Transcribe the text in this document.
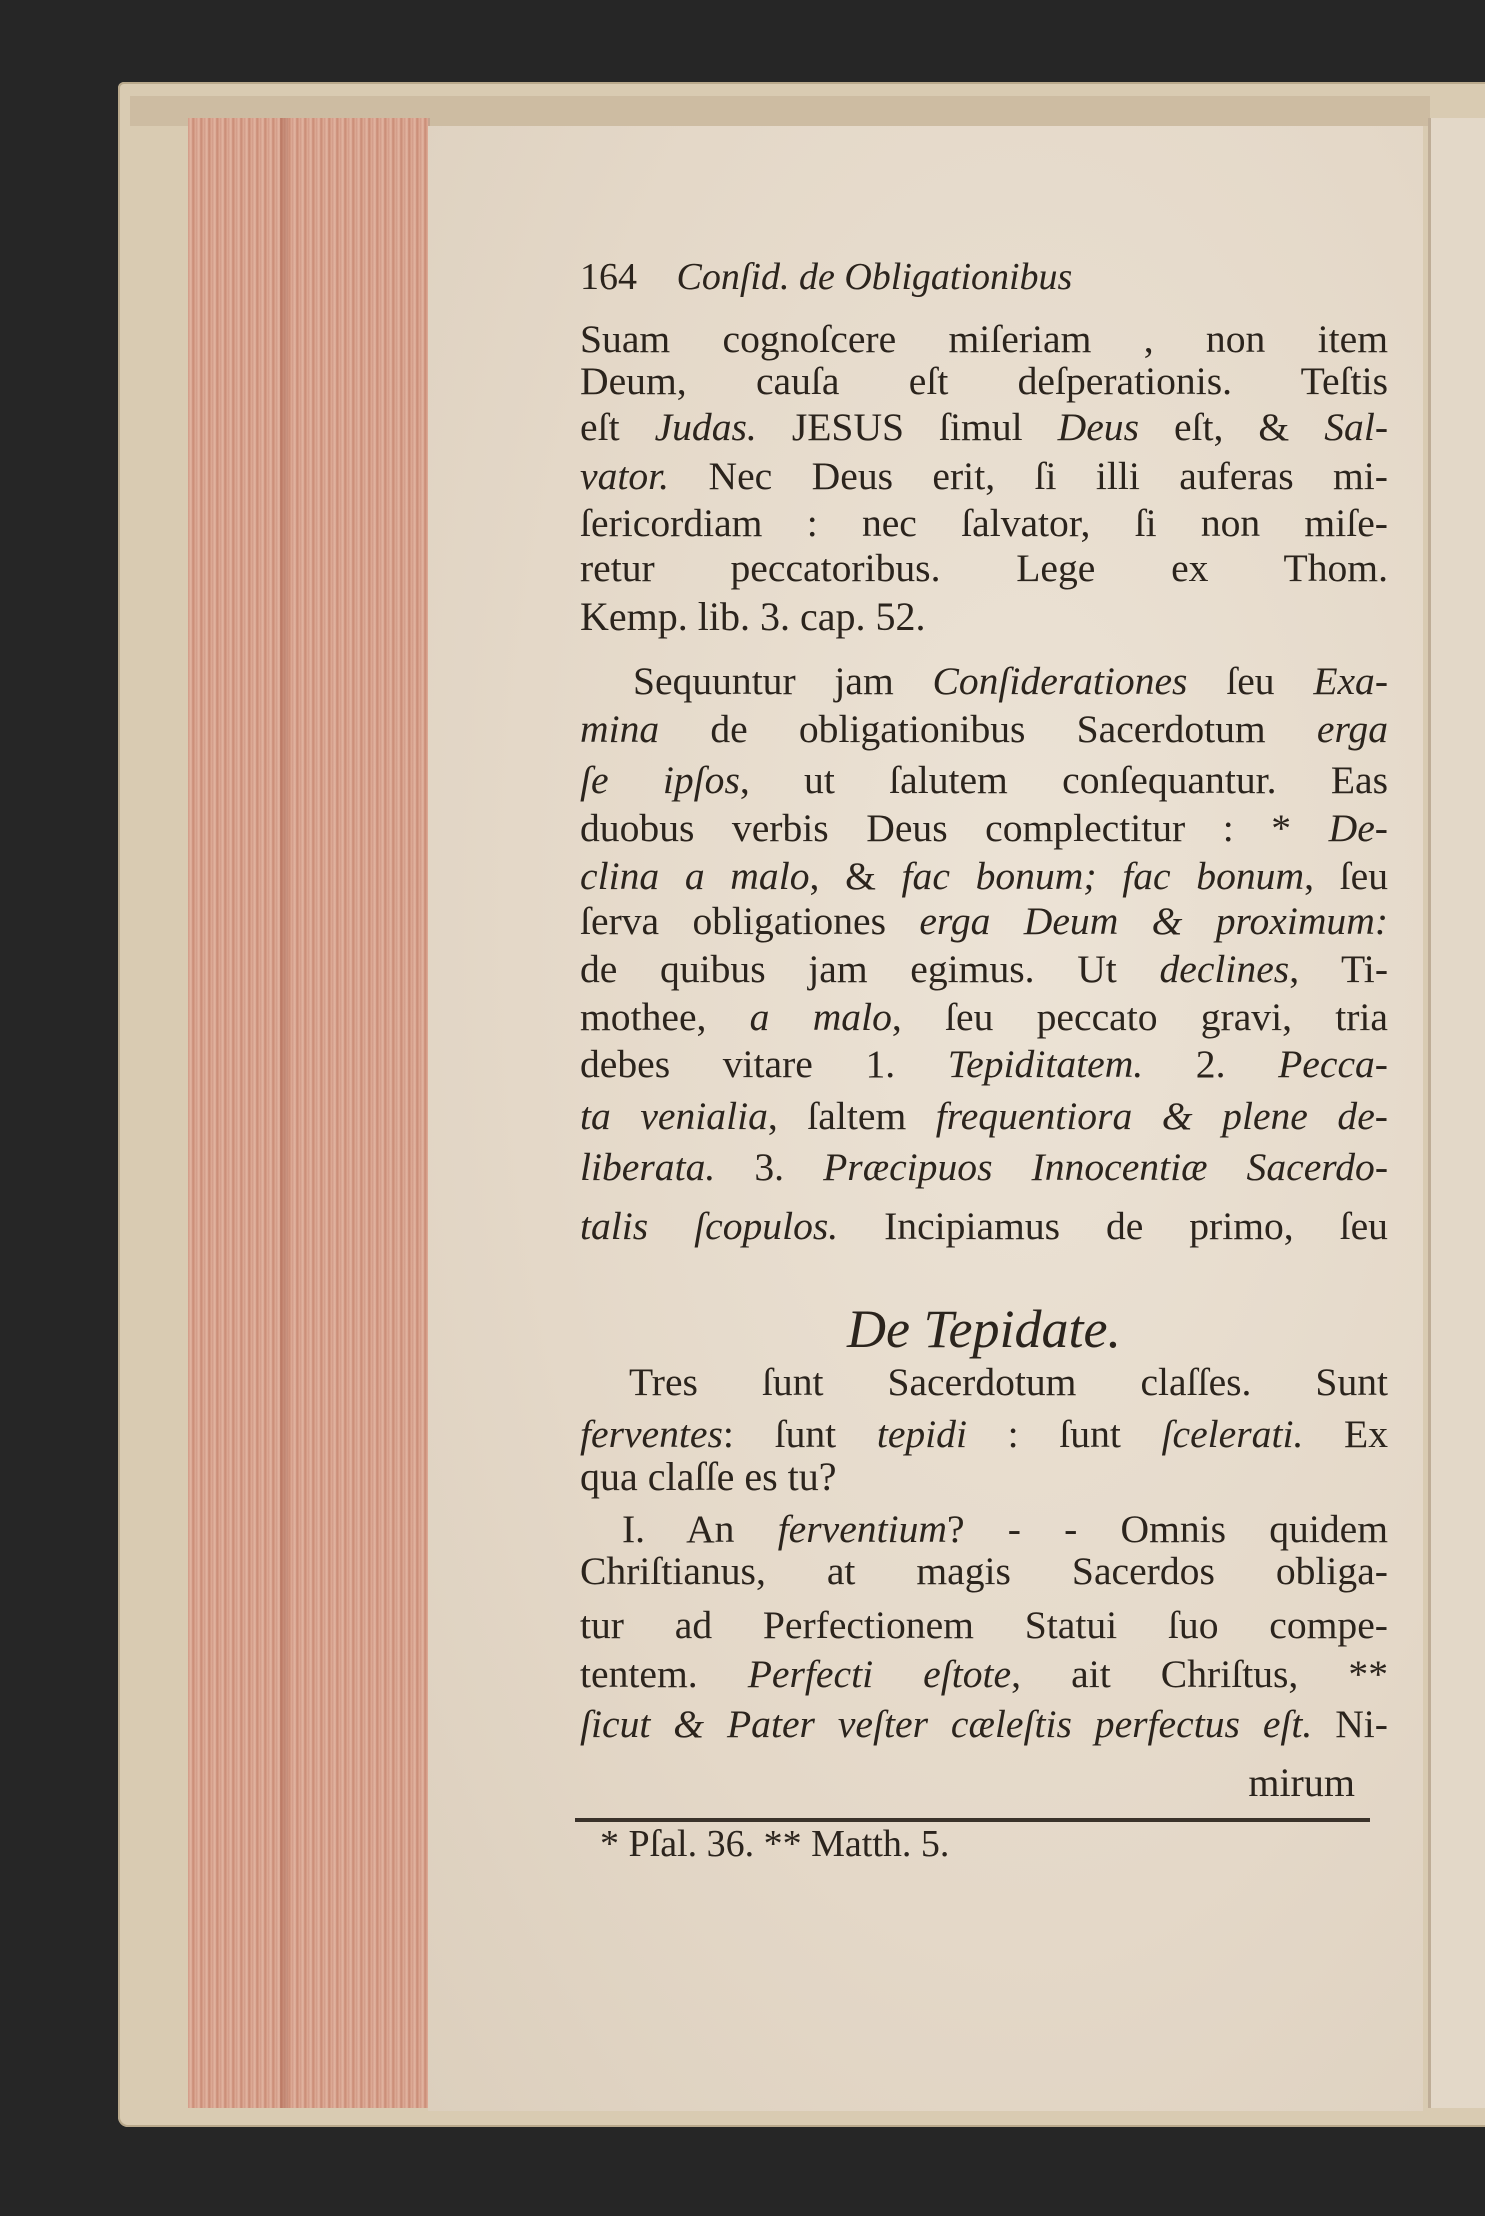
164 Conſid. de Obligationibus
Suam cognoſcere miſeriam , non item
Deum, cauſa eſt deſperationis. Teſtis
eſt Judas. JESUS ſimul Deus eſt, & Sal-
vator. Nec Deus erit, ſi illi auferas mi-
ſericordiam : nec ſalvator, ſi non miſe-
retur peccatoribus. Lege ex Thom.
Kemp. lib. 3. cap. 52.
Sequuntur jam Conſiderationes ſeu Exa-
mina de obligationibus Sacerdotum erga
ſe ipſos, ut ſalutem conſequantur. Eas
duobus verbis Deus complectitur : * De-
clina a malo, & fac bonum; fac bonum, ſeu
ſerva obligationes erga Deum & proximum:
de quibus jam egimus. Ut declines, Ti-
mothee, a malo, ſeu peccato gravi, tria
debes vitare 1. Tepiditatem. 2. Pecca-
ta venialia, ſaltem frequentiora & plene de-
liberata. 3. Præcipuos Innocentiæ Sacerdo-
talis ſcopulos. Incipiamus de primo, ſeu
Tres ſunt Sacerdotum claſſes. Sunt
ferventes: ſunt tepidi : ſunt ſcelerati. Ex
qua claſſe es tu?
I. An ferventium? - - Omnis quidem
Chriſtianus, at magis Sacerdos obliga-
tur ad Perfectionem Statui ſuo compe-
tentem. Perfecti eſtote, ait Chriſtus, **
ſicut & Pater veſter cæleſtis perfectus eſt. Ni-
mirum
De Tepidate.
* Pſal. 36. ** Matth. 5.
